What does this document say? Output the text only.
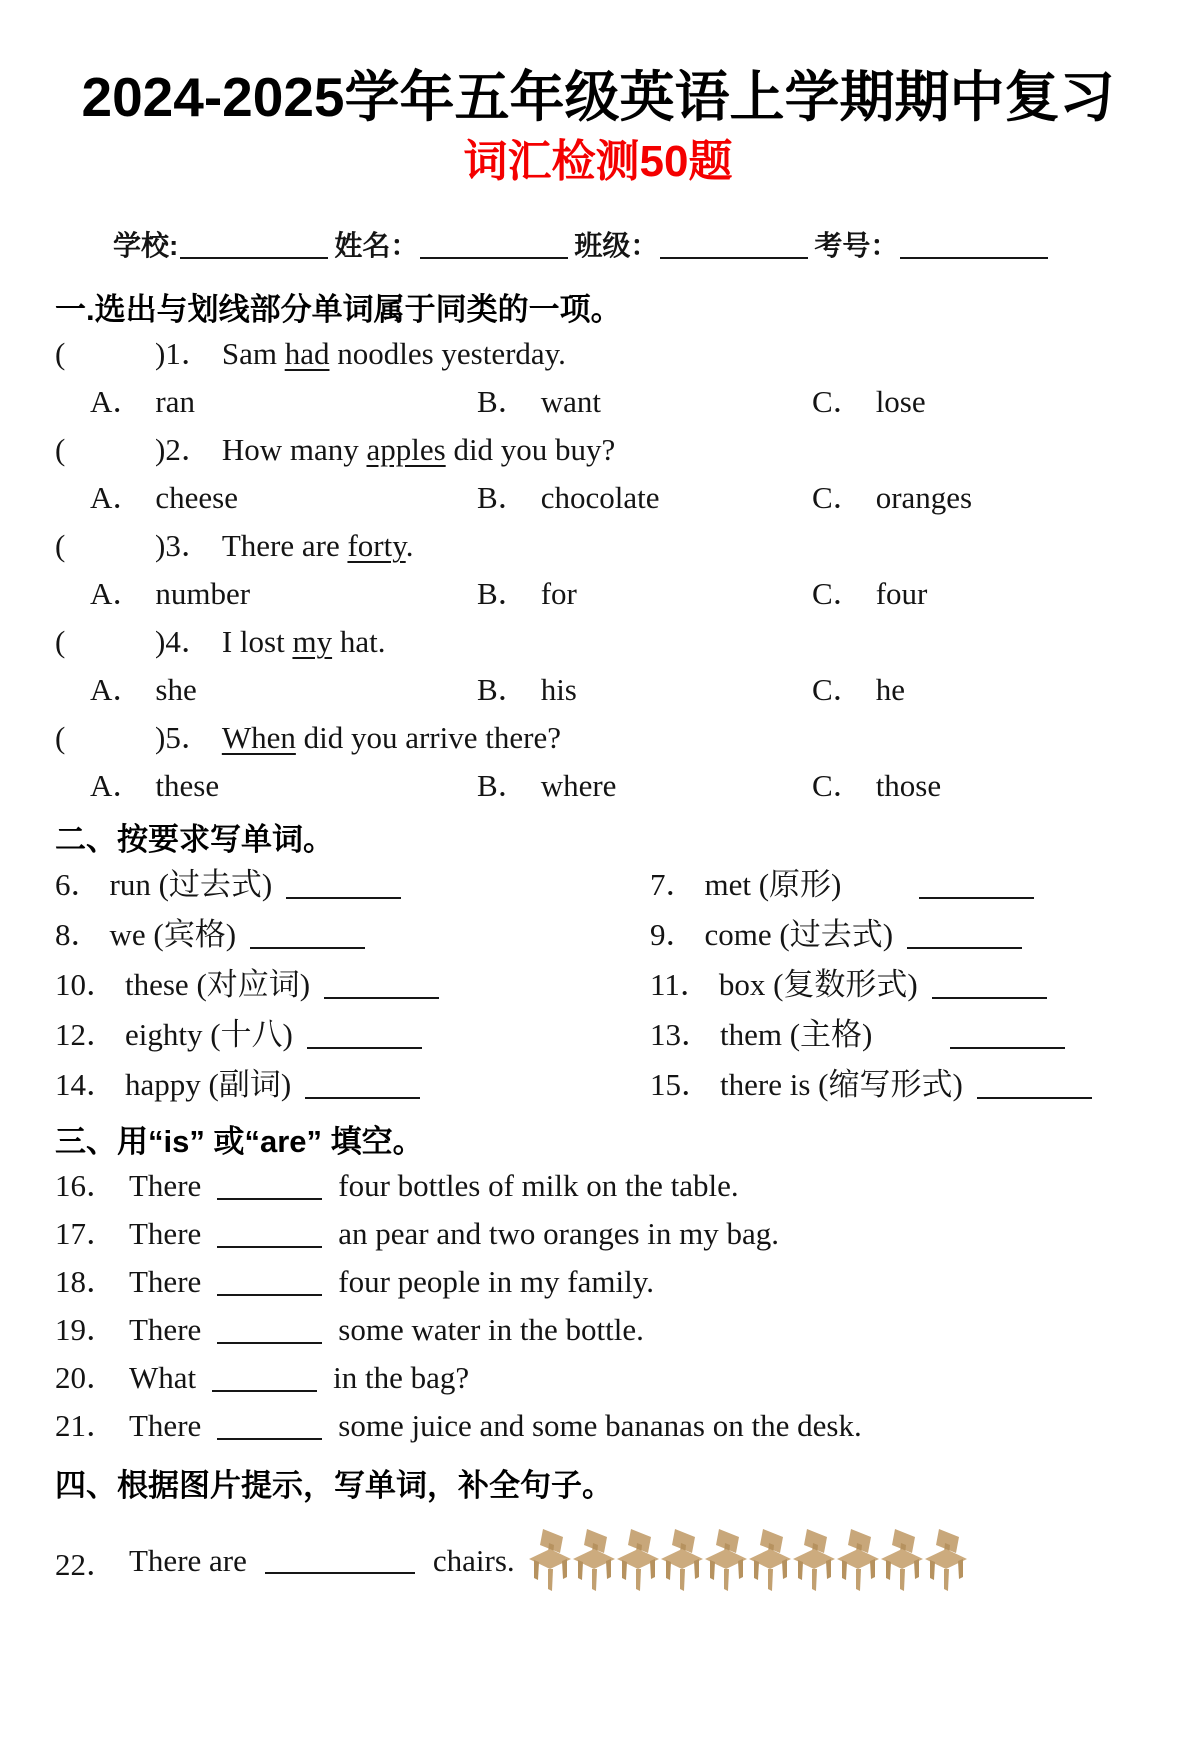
2024-2025学年五年级英语上学期期中复习
词汇检测50题
学校:	姓名：	班级：	考号：
一.选出与划线部分单词属于同类的一项。
(	)1． Sam had noodles yesterday.
A． ran	B． want	C． lose
(	)2． How many apples did you buy?
A． cheese	B． chocolate	C． oranges
(	)3． There are forty.
A． number	B． for	C． four
(	)4． I lost my hat.
A． she	B． his	C． he
(	)5． When did you arrive there?
A． these	B． where	C． those
二、按要求写单词。
6． run (过去式)	7． met (原形)
8． we (宾格)	9． come (过去式)
10． these (对应词)	11． box (复数形式)
12． eighty (十八)	13． them (主格)
14． happy (副词)	15． there is (缩写形式)
三、用“is” 或“are” 填空。
16． There	four bottles of milk on the table.
17． There	an pear and two oranges in my bag.
18． There	four people in my family.
19． There	some water in the bottle.
20． What	in the bag?
21． There	some juice and some bananas on the desk.
四、根据图片提示，写单词，补全句子。
22． There are	chairs.
